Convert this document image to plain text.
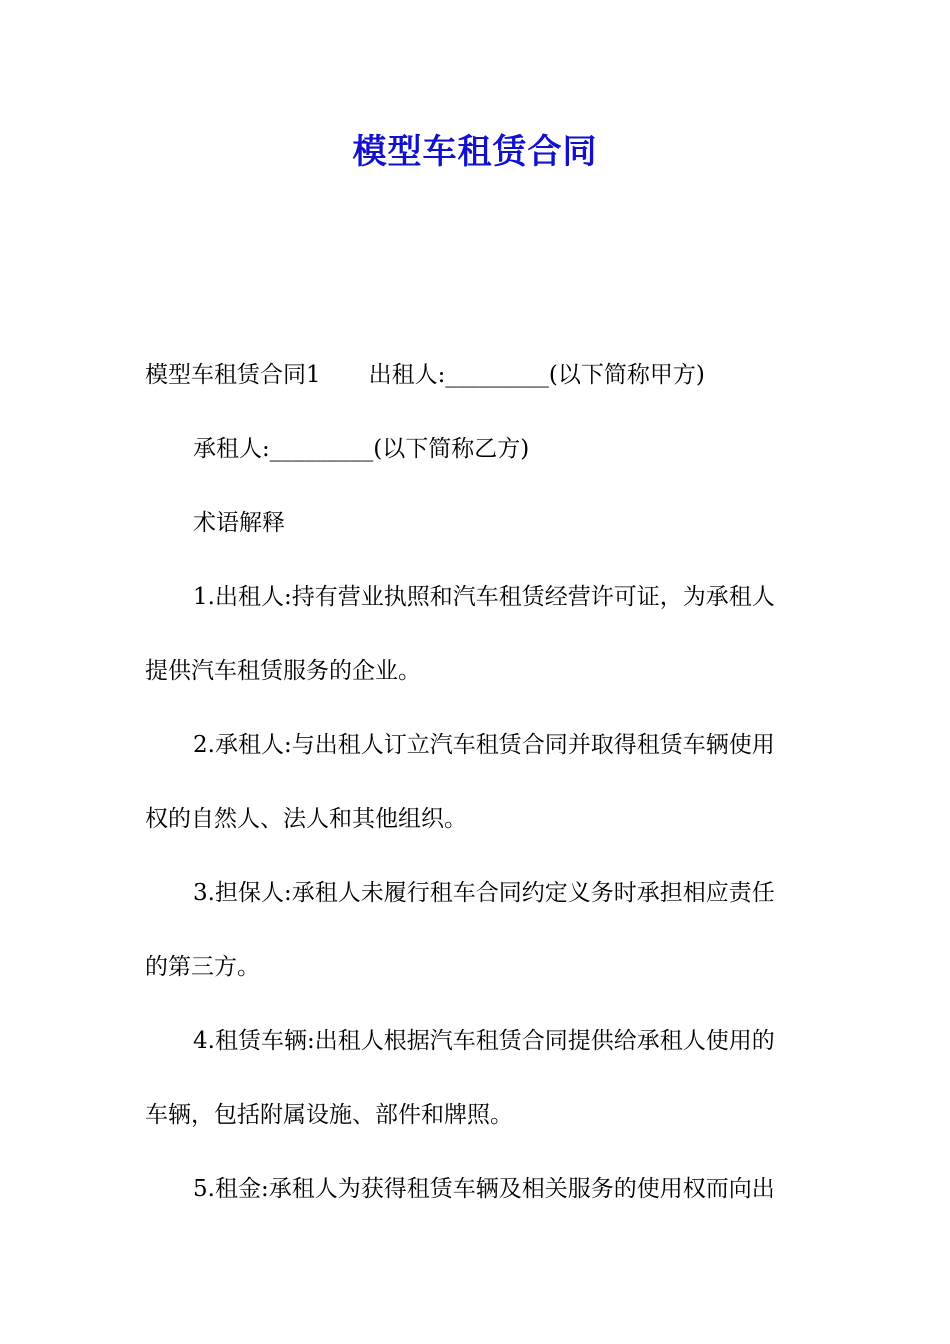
模型车租赁合同

模型车租赁合同1 出租人:_________(以下简称甲方)

承租人:_________(以下简称乙方)

术语解释

1.出租人:持有营业执照和汽车租赁经营许可证，为承租人

提供汽车租赁服务的企业。

2.承租人:与出租人订立汽车租赁合同并取得租赁车辆使用

权的自然人、法人和其他组织。

3.担保人:承租人未履行租车合同约定义务时承担相应责任

的第三方。

4.租赁车辆:出租人根据汽车租赁合同提供给承租人使用的

车辆，包括附属设施、部件和牌照。

5.租金:承租人为获得租赁车辆及相关服务的使用权而向出
